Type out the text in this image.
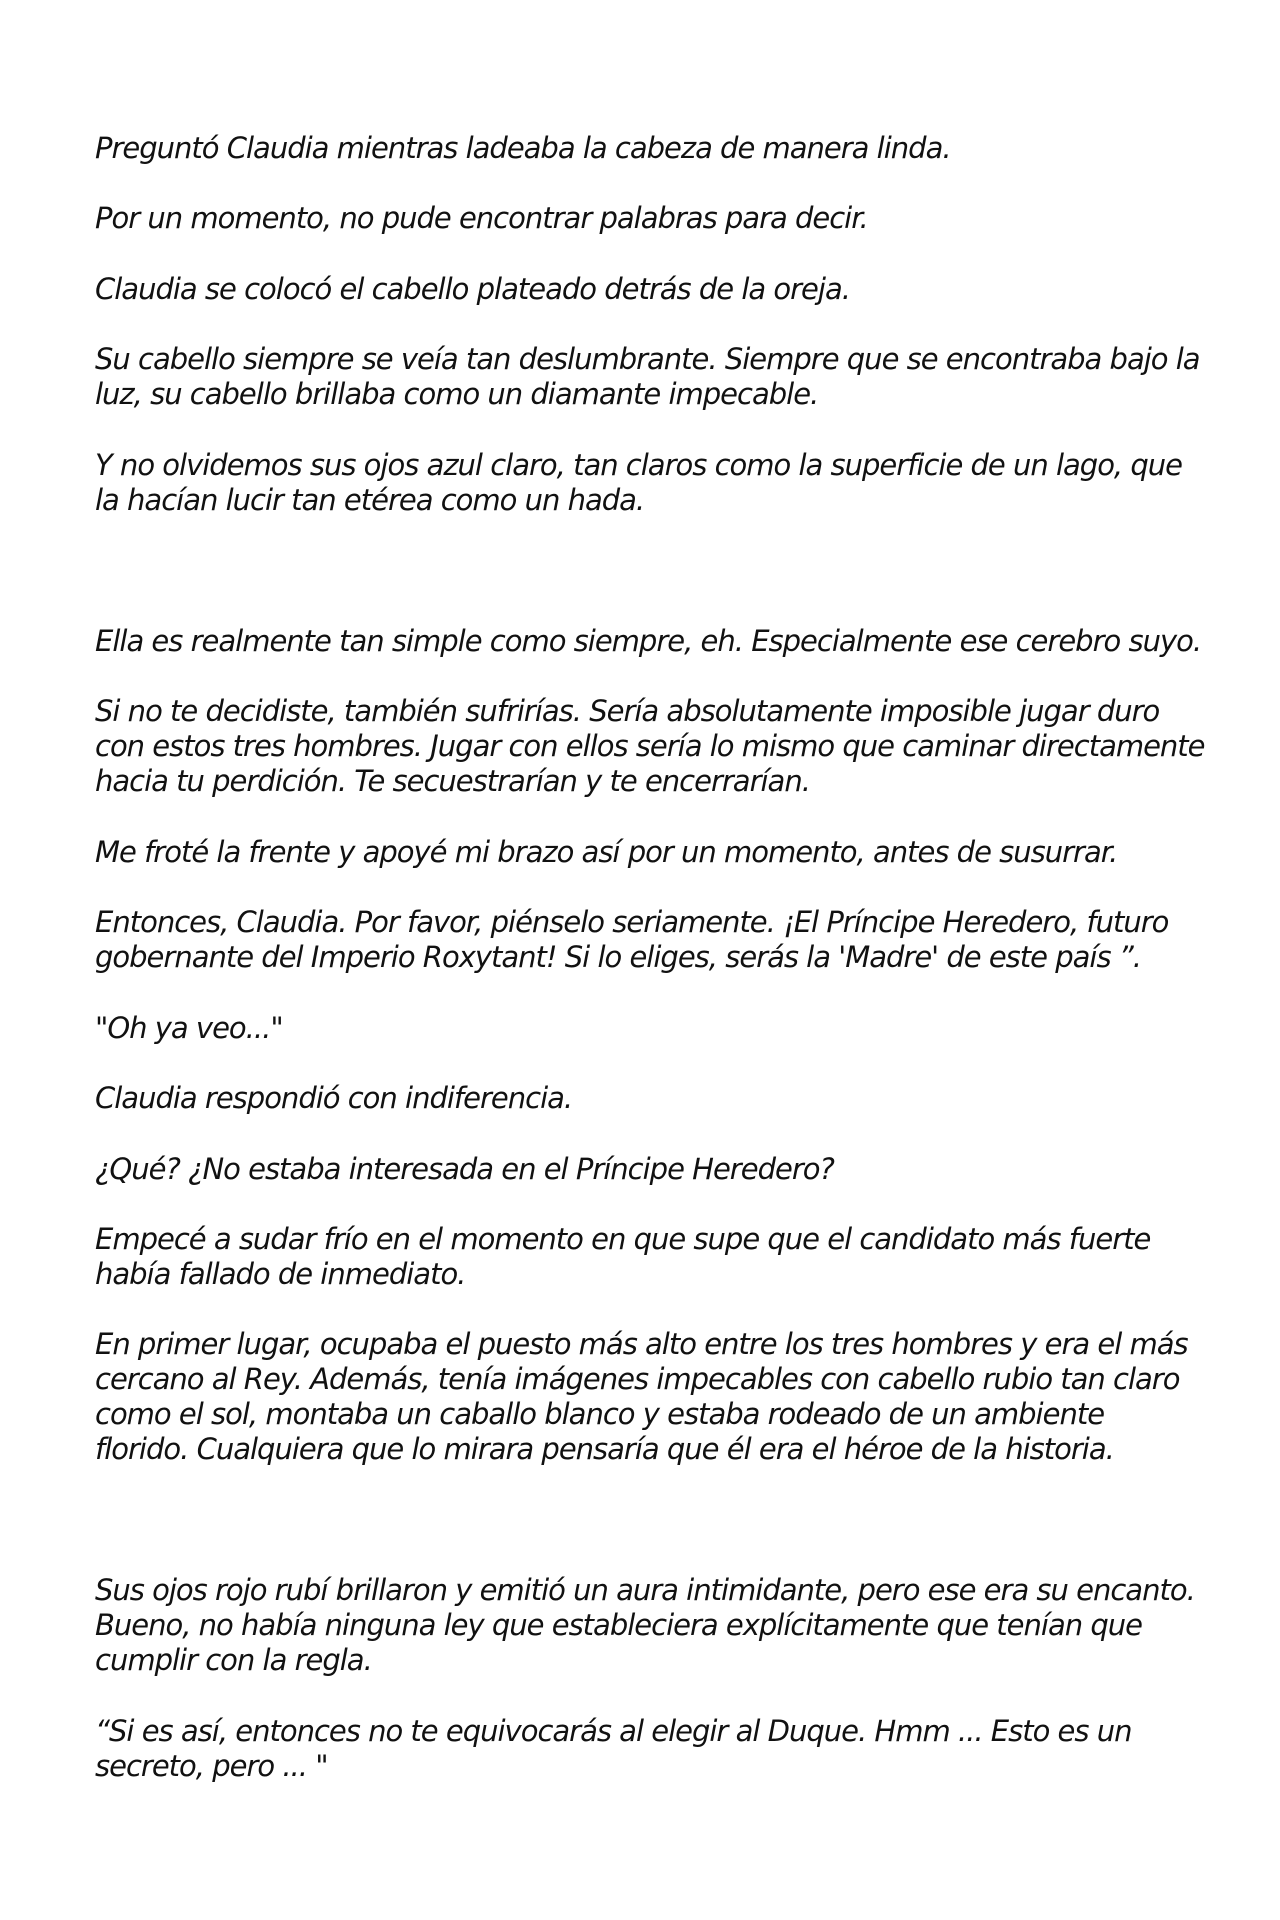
Preguntó Claudia mientras ladeaba la cabeza de manera linda.

Por un momento, no pude encontrar palabras para decir.

Claudia se colocó el cabello plateado detrás de la oreja.

Su cabello siempre se veía tan deslumbrante. Siempre que se encontraba bajo la
luz, su cabello brillaba como un diamante impecable.

Y no olvidemos sus ojos azul claro, tan claros como la superficie de un lago, que
la hacían lucir tan etérea como un hada.

Ella es realmente tan simple como siempre, eh. Especialmente ese cerebro suyo.

Si no te decidiste, también sufrirías. Sería absolutamente imposible jugar duro
con estos tres hombres. Jugar con ellos sería lo mismo que caminar directamente
hacia tu perdición. Te secuestrarían y te encerrarían.

Me froté la frente y apoyé mi brazo así por un momento, antes de susurrar.

Entonces, Claudia. Por favor, piénselo seriamente. ¡El Príncipe Heredero, futuro
gobernante del Imperio Roxytant! Si lo eliges, serás la 'Madre' de este país ”.

"Oh ya veo..."

Claudia respondió con indiferencia.

¿Qué? ¿No estaba interesada en el Príncipe Heredero?

Empecé a sudar frío en el momento en que supe que el candidato más fuerte
había fallado de inmediato.

En primer lugar, ocupaba el puesto más alto entre los tres hombres y era el más
cercano al Rey. Además, tenía imágenes impecables con cabello rubio tan claro
como el sol, montaba un caballo blanco y estaba rodeado de un ambiente
florido. Cualquiera que lo mirara pensaría que él era el héroe de la historia.

Sus ojos rojo rubí brillaron y emitió un aura intimidante, pero ese era su encanto.
Bueno, no había ninguna ley que estableciera explícitamente que tenían que
cumplir con la regla.

“Si es así, entonces no te equivocarás al elegir al Duque. Hmm ... Esto es un
secreto, pero ... "
